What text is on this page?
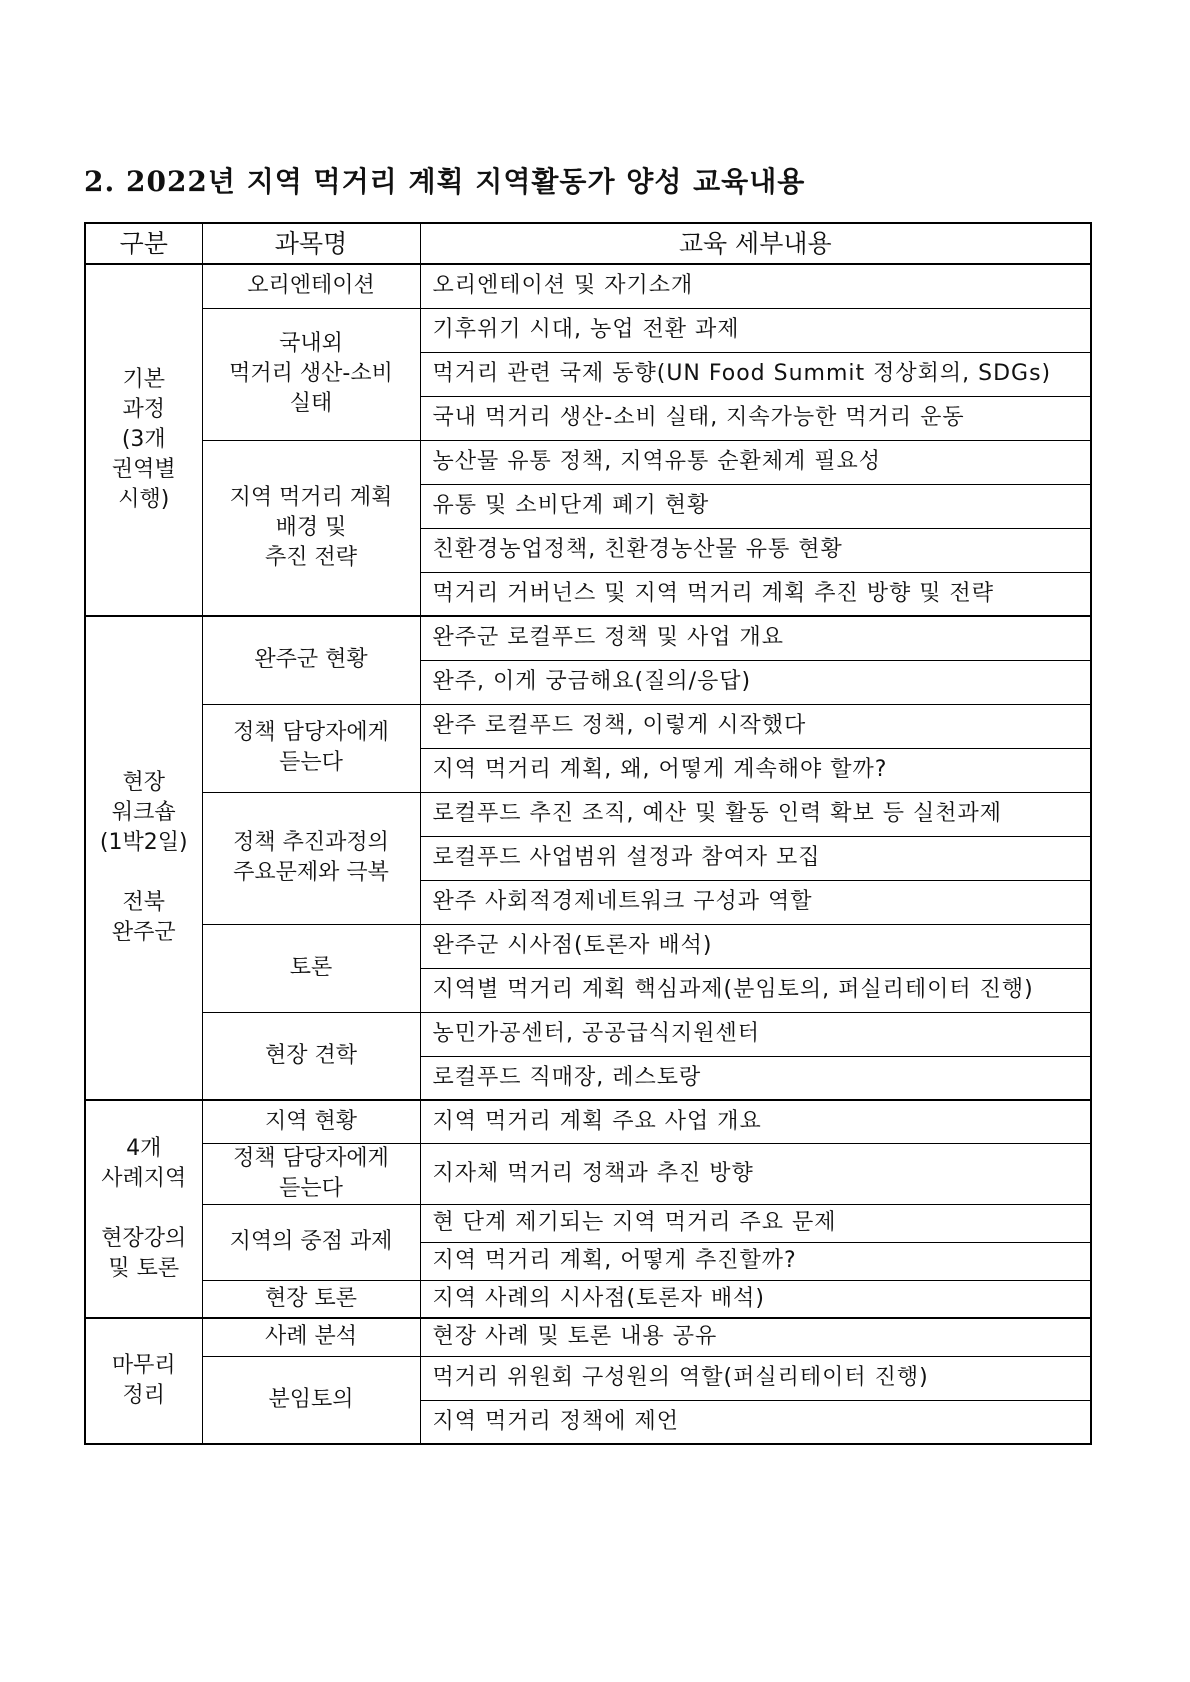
2. 2022년 지역 먹거리 계획 지역활동가 양성 교육내용
구분	과목명	교육 세부내용

기본
과정
(3개
권역별
시행)	오리엔테이션	오리엔테이션 및 자기소개

	국내외
먹거리 생산-소비
실태	기후위기 시대, 농업 전환 과제
		먹거리 관련 국제 동향(UN Food Summit 정상회의, SDGs)
		국내 먹거리 생산-소비 실태, 지속가능한 먹거리 운동

	지역 먹거리 계획
배경 및
추진 전략	농산물 유통 정책, 지역유통 순환체계 필요성
		유통 및 소비단계 폐기 현황
		친환경농업정책, 친환경농산물 유통 현황
		먹거리 거버넌스 및 지역 먹거리 계획 추진 방향 및 전략

현장
워크숍
(1박2일)

전북
완주군	완주군 현황	완주군 로컬푸드 정책 및 사업 개요
		완주, 이게 궁금해요(질의/응답)

	정책 담당자에게
듣는다	완주 로컬푸드 정책, 이렇게 시작했다
		지역 먹거리 계획, 왜, 어떻게 계속해야 할까?

	정책 추진과정의
주요문제와 극복	로컬푸드 추진 조직, 예산 및 활동 인력 확보 등 실천과제
		로컬푸드 사업범위 설정과 참여자 모집
		완주 사회적경제네트워크 구성과 역할

	토론	완주군 시사점(토론자 배석)
		지역별 먹거리 계획 핵심과제(분임토의, 퍼실리테이터 진행)

	현장 견학	농민가공센터, 공공급식지원센터
		로컬푸드 직매장, 레스토랑

4개
사례지역

현장강의
및 토론	지역 현황	지역 먹거리 계획 주요 사업 개요

	정책 담당자에게
듣는다	지자체 먹거리 정책과 추진 방향

	지역의 중점 과제	현 단계 제기되는 지역 먹거리 주요 문제
		지역 먹거리 계획, 어떻게 추진할까?

	현장 토론	지역 사례의 시사점(토론자 배석)

마무리
정리	사례 분석	현장 사례 및 토론 내용 공유

	분임토의	먹거리 위원회 구성원의 역할(퍼실리테이터 진행)
		지역 먹거리 정책에 제언
